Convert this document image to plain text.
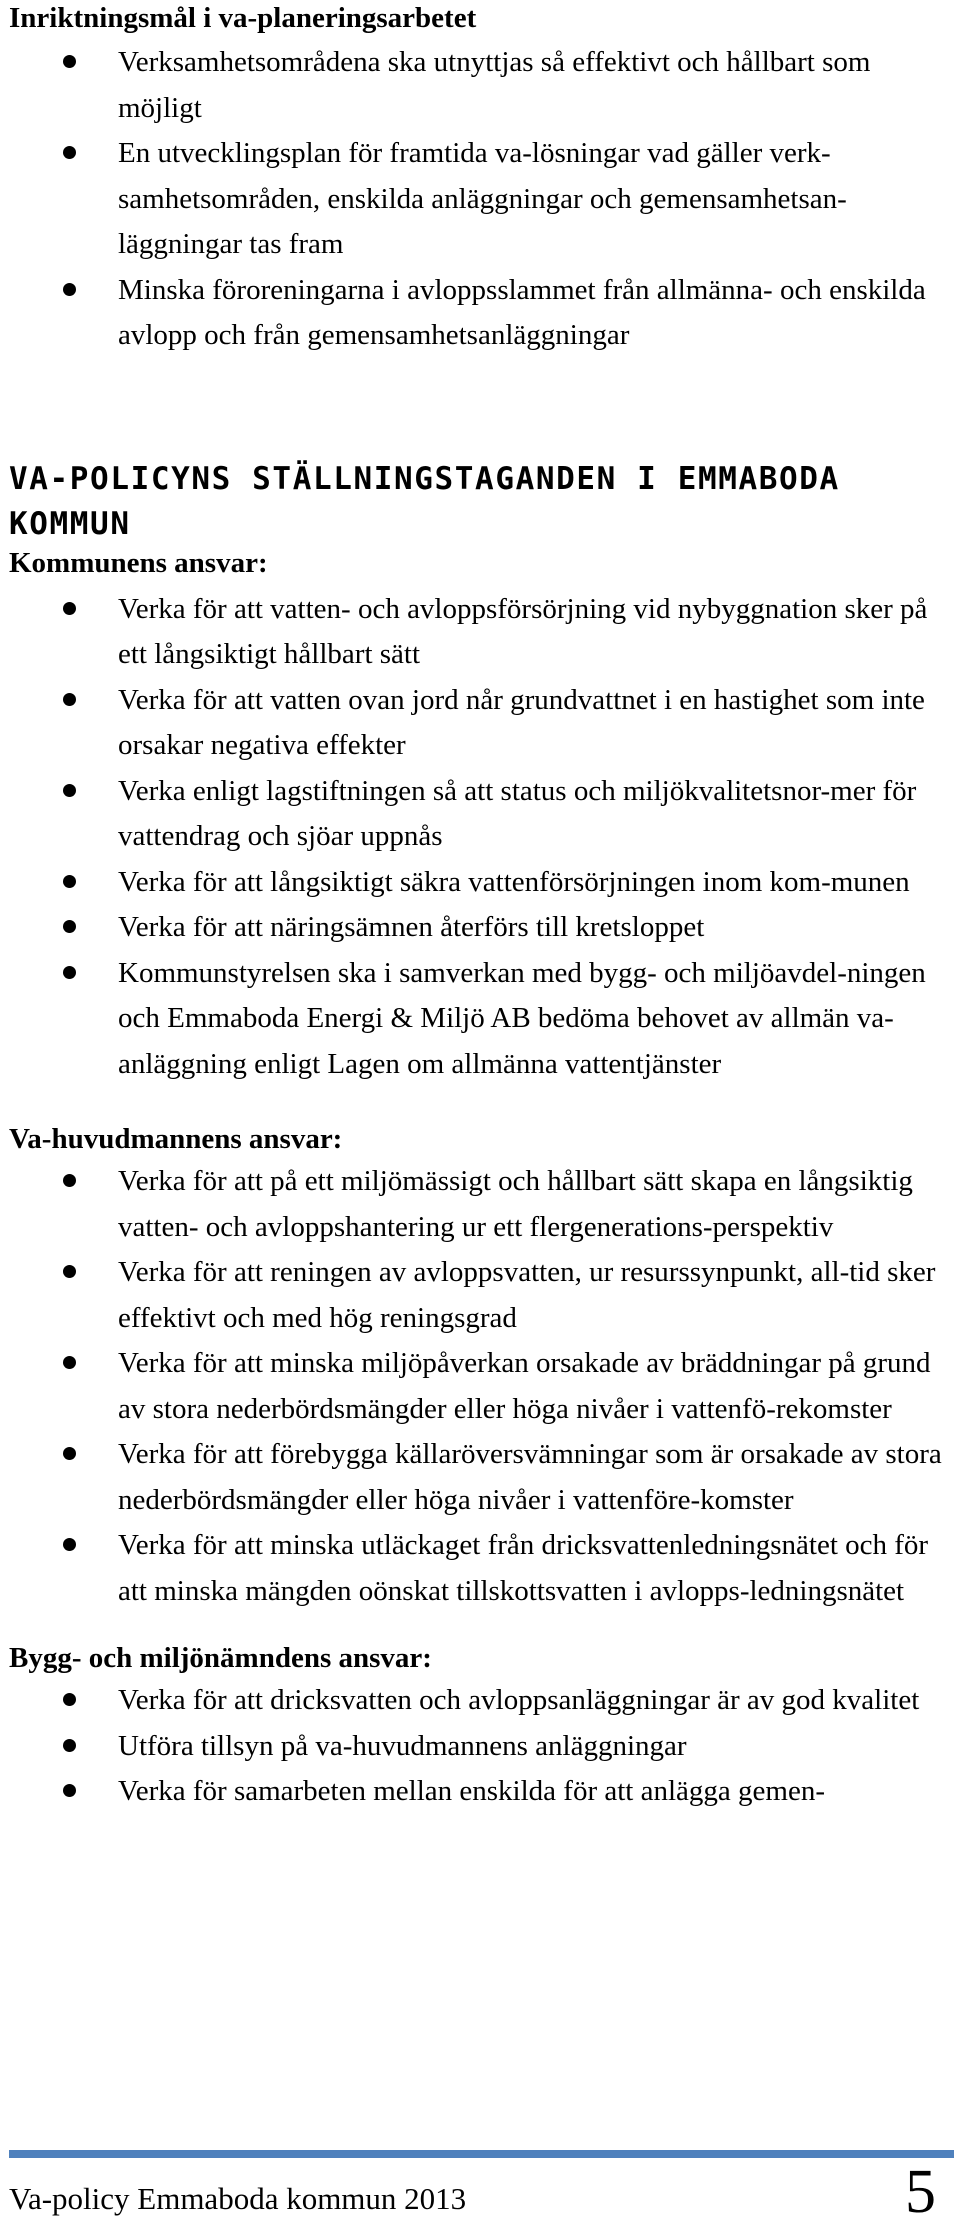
Inriktningsmål i va-planeringsarbetet
Verksamhetsområdena ska utnyttjas så effektivt och hållbart som möjligt
En utvecklingsplan för framtida va-lösningar vad gäller verk-samhetsområden, enskilda anläggningar och gemensamhetsan-läggningar tas fram
Minska föroreningarna i avloppsslammet från allmänna- och enskilda avlopp och från gemensamhetsanläggningar
VA-POLICYNS STÄLLNINGSTAGANDEN I EMMABODA KOMMUN
Kommunens ansvar:
Verka för att vatten- och avloppsförsörjning vid nybyggnation sker på ett långsiktigt hållbart sätt
Verka för att vatten ovan jord når grundvattnet i en hastighet som inte orsakar negativa effekter
Verka enligt lagstiftningen så att status och miljökvalitetsnor-mer för vattendrag och sjöar uppnås
Verka för att långsiktigt säkra vattenförsörjningen inom kom-munen
Verka för att näringsämnen återförs till kretsloppet
Kommunstyrelsen ska i samverkan med bygg- och miljöavdel-ningen och Emmaboda Energi & Miljö AB bedöma behovet av allmän va-anläggning enligt Lagen om allmänna vattentjänster
Va-huvudmannens ansvar:
Verka för att på ett miljömässigt och hållbart sätt skapa en långsiktig vatten- och avloppshantering ur ett flergenerations-perspektiv
Verka för att reningen av avloppsvatten, ur resurssynpunkt, all-tid sker effektivt och med hög reningsgrad
Verka för att minska miljöpåverkan orsakade av bräddningar på grund av stora nederbördsmängder eller höga nivåer i vattenfö-rekomster
Verka för att förebygga källaröversvämningar som är orsakade av stora nederbördsmängder eller höga nivåer i vattenföre-komster
Verka för att minska utläckaget från dricksvattenledningsnätet och för att minska mängden oönskat tillskottsvatten i avlopps-ledningsnätet
Bygg- och miljönämndens ansvar:
Verka för att dricksvatten och avloppsanläggningar är av god kvalitet
Utföra tillsyn på va-huvudmannens anläggningar
Verka för samarbeten mellan enskilda för att anlägga gemen-
Va-policy Emmaboda kommun 2013	5
